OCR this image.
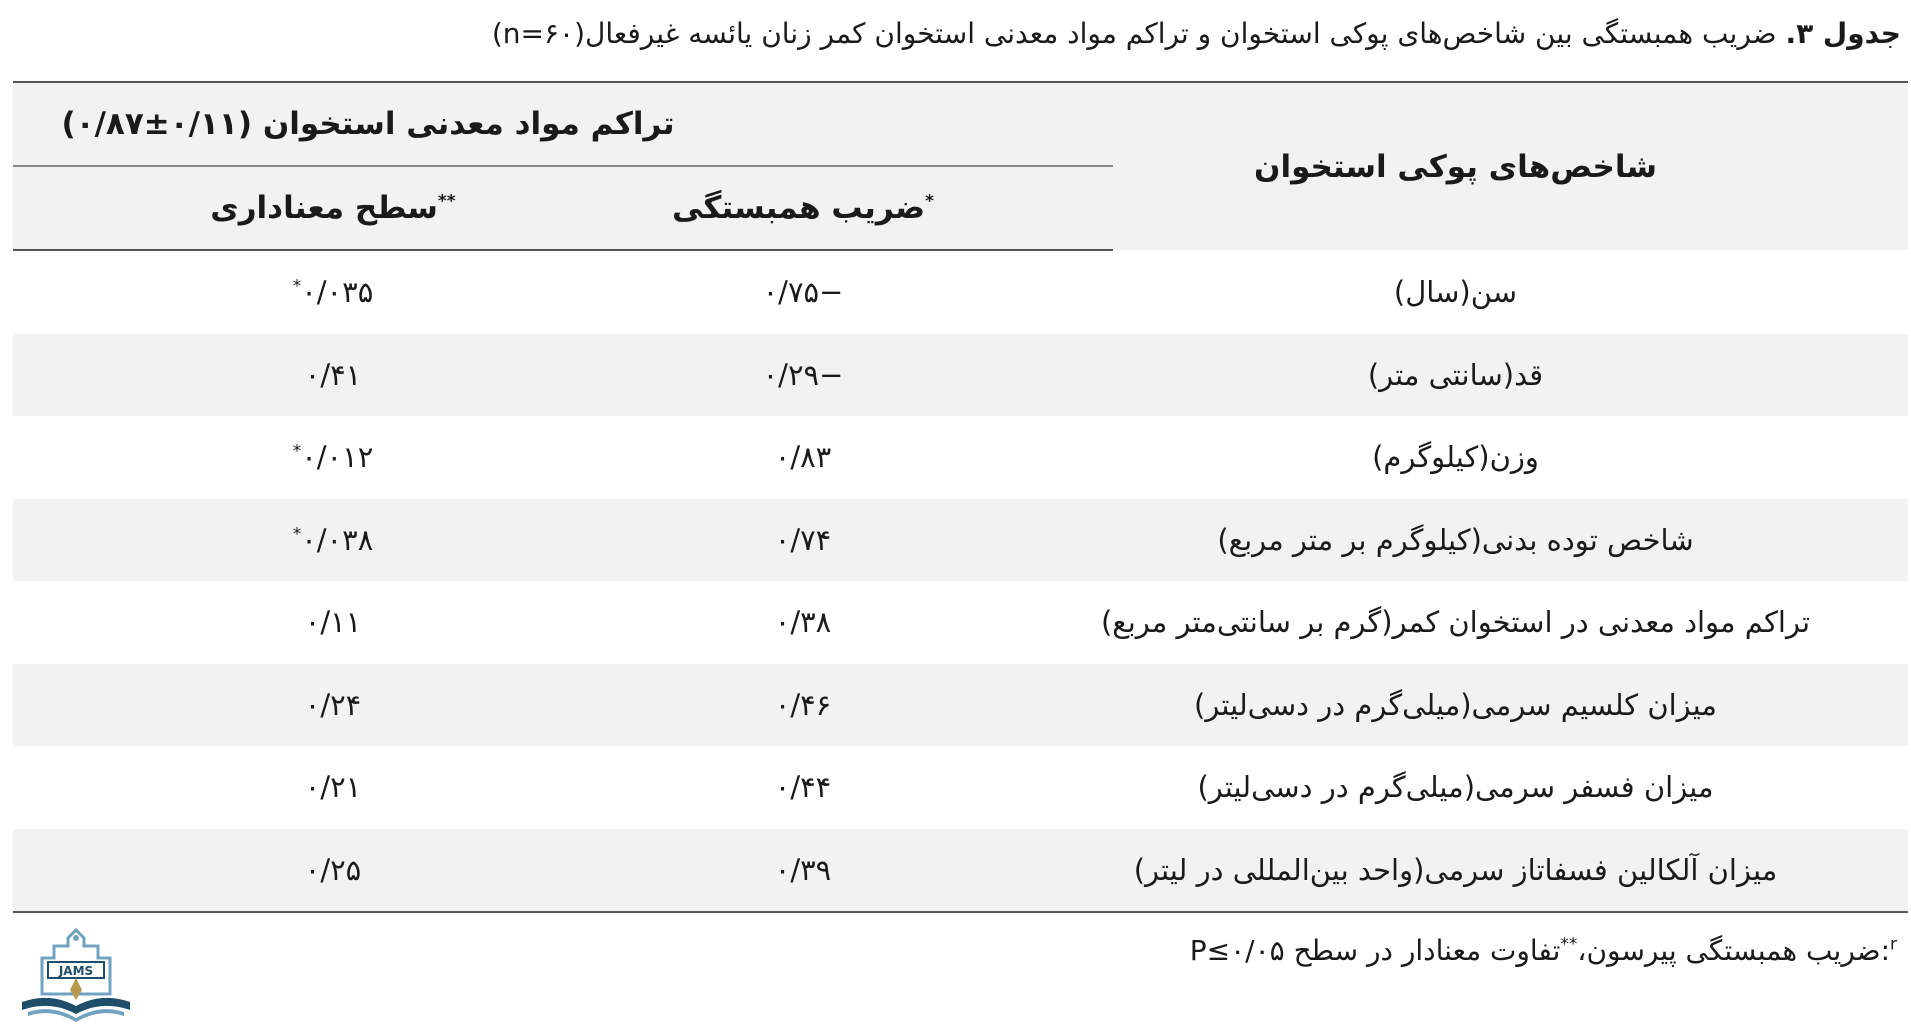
جدول ۳. ضریب همبستگی بین شاخص‌های پوکی استخوان و تراکم مواد معدنی استخوان کمر زنان یائسه غیرفعال(۶۰=n)
شاخص‌های پوکی استخوان	تراکم مواد معدنی استخوان (۰/۱۱±۰/۸۷)	
	*ضریب همبستگی	**سطح معناداری
سن(سال)	−۰/۷۵	۰/۰۳۵*
قد(سانتی متر)	−۰/۲۹	۰/۴۱
وزن(کیلوگرم)	۰/۸۳	۰/۰۱۲*
شاخص توده بدنی(کیلوگرم بر متر مربع)	۰/۷۴	۰/۰۳۸*
تراکم مواد معدنی در استخوان کمر(گرم بر سانتی‌متر مربع)	۰/۳۸	۰/۱۱
میزان کلسیم سرمی(میلی‌گرم در دسی‌لیتر)	۰/۴۶	۰/۲۴
میزان فسفر سرمی(میلی‌گرم در دسی‌لیتر)	۰/۴۴	۰/۲۱
میزان آلکالین فسفاتاز سرمی(واحد بین‌المللی در لیتر)	۰/۳۹	۰/۲۵
$^r$:ضریب همبستگی پیرسون،**تفاوت معنادار در سطح ۰/۰۵≥P
JAMS
